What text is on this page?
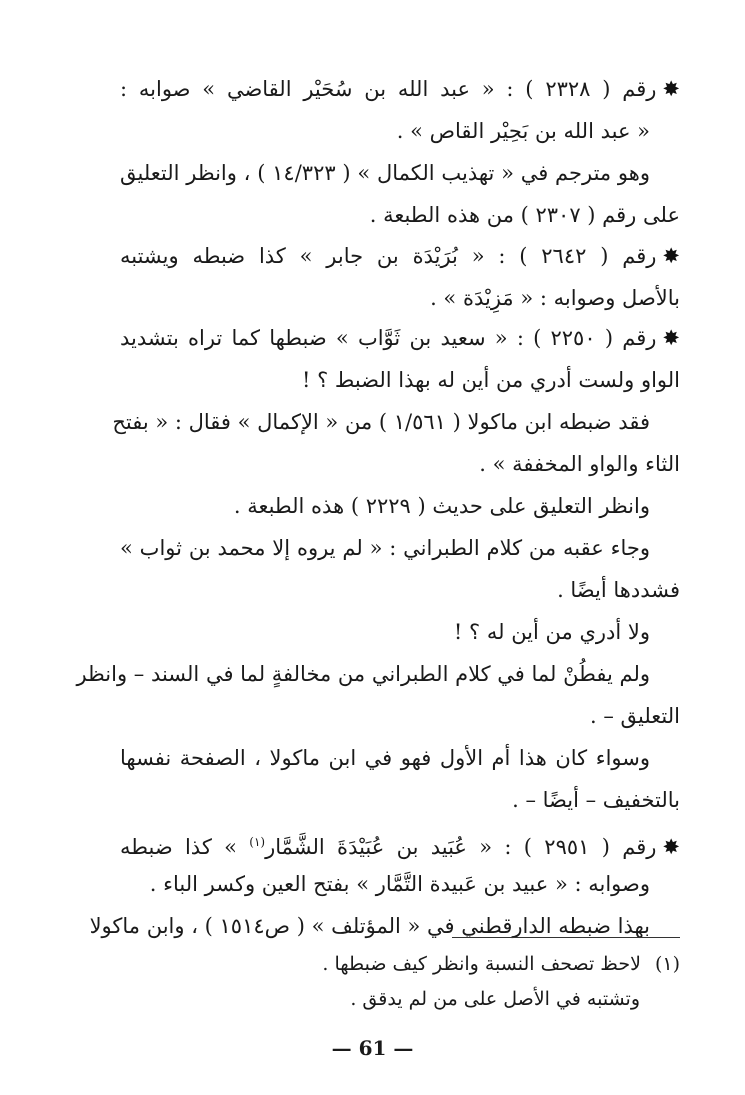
✸رقم ( ٢٣٢٨ ) : « عبد الله بن سُحَيْر القاضي » صوابه :
« عبد الله بن بَحِيْر القاص » .
وهو مترجم في « تهذيب الكمال » ( ١٤/٣٢٣ ) ، وانظر التعليق
على رقم ( ٢٣٠٧ ) من هذه الطبعة .
✸رقم ( ٢٦٤٢ ) : « بُرَيْدَة بن جابر » كذا ضبطه ويشتبه
بالأصل وصوابه : « مَزِيْدَة » .
✸رقم ( ٢٢٥٠ ) : « سعيد بن ثَوَّاب » ضبطها كما تراه بتشديد
الواو ولست أدري من أين له بهذا الضبط ؟ !
فقد ضبطه ابن ماكولا ( ١/٥٦١ ) من « الإكمال » فقال : « بفتح
الثاء والواو المخففة » .
وانظر التعليق على حديث ( ٢٢٢٩ ) هذه الطبعة .
وجاء عقبه من كلام الطبراني : « لم يروه إلا محمد بن ثواب »
فشددها أيضًا .
ولا أدري من أين له ؟ !
ولم يفطُنْ لما في كلام الطبراني من مخالفةٍ لما في السند – وانظر
التعليق – .
وسواء كان هذا أم الأول فهو في ابن ماكولا ، الصفحة نفسها
بالتخفيف – أيضًا – .
✸رقم ( ٢٩٥١ ) : « عُبَيد بن عُبَيْدَةَ الشَّمَّار$^{(١)}$ » كذا ضبطه
وصوابه : « عبيد بن عَبيدة التَّمَّار » بفتح العين وكسر الباء .
بهذا ضبطه الدارقطني في « المؤتلف » ( ص١٥١٤ ) ، وابن ماكولا
(١)لاحظ تصحف النسبة وانظر كيف ضبطها .
وتشتبه في الأصل على من لم يدقق .
— 61 —
